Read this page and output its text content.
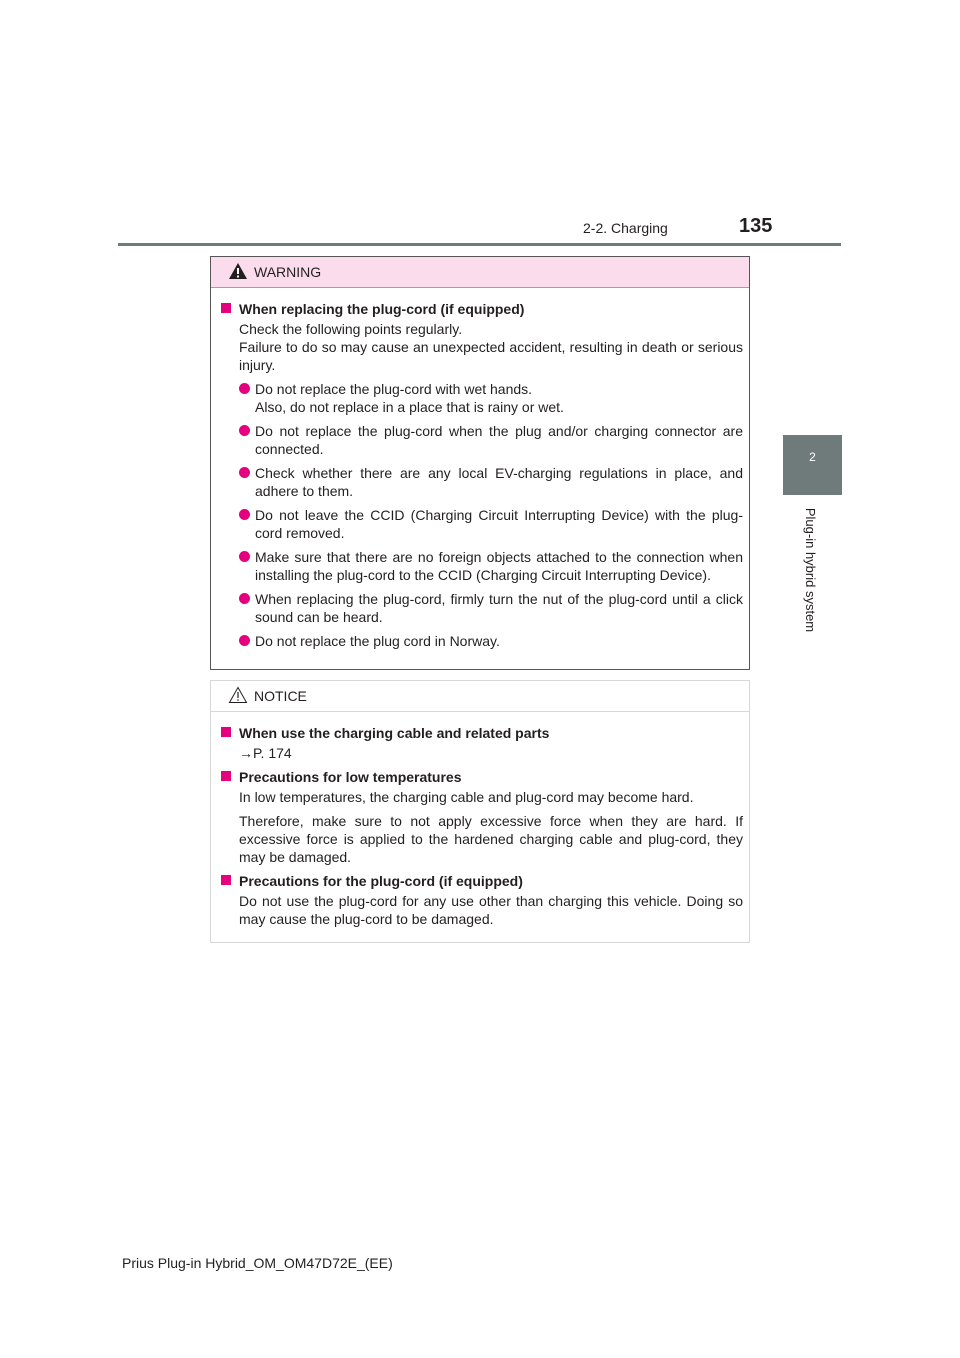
2-2. Charging	135
2
Plug-in hybrid system
WARNING
When replacing the plug-cord (if equipped)
Check the following points regularly.
Failure to do so may cause an unexpected accident, resulting in death or serious injury.
Do not replace the plug-cord with wet hands.
Also, do not replace in a place that is rainy or wet.
Do not replace the plug-cord when the plug and/or charging connector are connected.
Check whether there are any local EV-charging regulations in place, and adhere to them.
Do not leave the CCID (Charging Circuit Interrupting Device) with the plug-cord removed.
Make sure that there are no foreign objects attached to the connection when installing the plug-cord to the CCID (Charging Circuit Interrupting Device).
When replacing the plug-cord, firmly turn the nut of the plug-cord until a click sound can be heard.
Do not replace the plug cord in Norway.
NOTICE
When use the charging cable and related parts
→P. 174
Precautions for low temperatures
In low temperatures, the charging cable and plug-cord may become hard.
Therefore, make sure to not apply excessive force when they are hard. If excessive force is applied to the hardened charging cable and plug-cord, they may be damaged.
Precautions for the plug-cord (if equipped)
Do not use the plug-cord for any use other than charging this vehicle. Doing so may cause the plug-cord to be damaged.
Prius Plug-in Hybrid_OM_OM47D72E_(EE)
